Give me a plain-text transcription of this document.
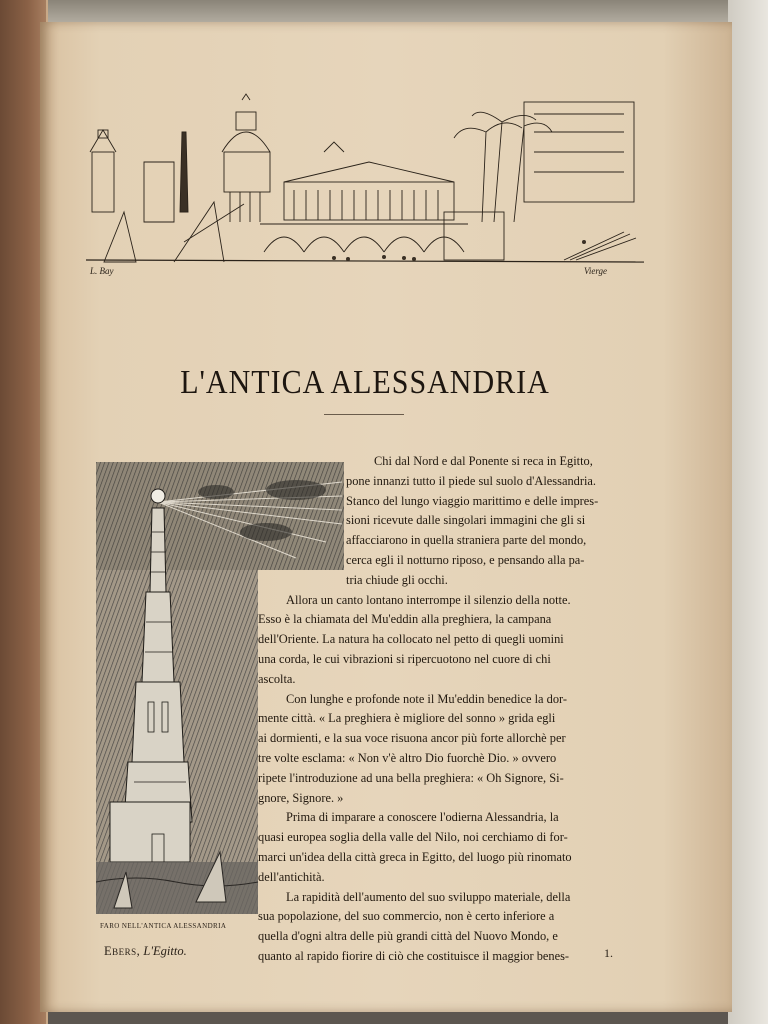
L. Bay	Vierge
L'ANTICA ALESSANDRIA
FARO NELL'ANTICA ALESSANDRIA
Chi dal Nord e dal Ponente si reca in Egitto,
pone innanzi tutto il piede sul suolo d'Alessandria.
Stanco del lungo viaggio marittimo e delle impres-
sioni ricevute dalle singolari immagini che gli si
affacciarono in quella straniera parte del mondo,
cerca egli il notturno riposo, e pensando alla pa-
tria chiude gli occhi.
Allora un canto lontano interrompe il silenzio della notte.
Esso è la chiamata del Mu'eddin alla preghiera, la campana
dell'Oriente. La natura ha collocato nel petto di quegli uomini
una corda, le cui vibrazioni si ripercuotono nel cuore di chi
ascolta.
Con lunghe e profonde note il Mu'eddin benedice la dor-
mente città. « La preghiera è migliore del sonno » grida egli
ai dormienti, e la sua voce risuona ancor più forte allorchè per
tre volte esclama: « Non v'è altro Dio fuorchè Dio. » ovvero
ripete l'introduzione ad una bella preghiera: « Oh Signore, Si-
gnore, Signore. »
Prima di imparare a conoscere l'odierna Alessandria, la
quasi europea soglia della valle del Nilo, noi cerchiamo di for-
marci un'idea della città greca in Egitto, del luogo più rinomato
dell'antichità.
La rapidità dell'aumento del suo sviluppo materiale, della
sua popolazione, del suo commercio, non è certo inferiore a
quella d'ogni altra delle più grandi città del Nuovo Mondo, e
quanto al rapido fiorire di ciò che costituisce il maggior benes-
Ebers, L'Egitto.	1.
